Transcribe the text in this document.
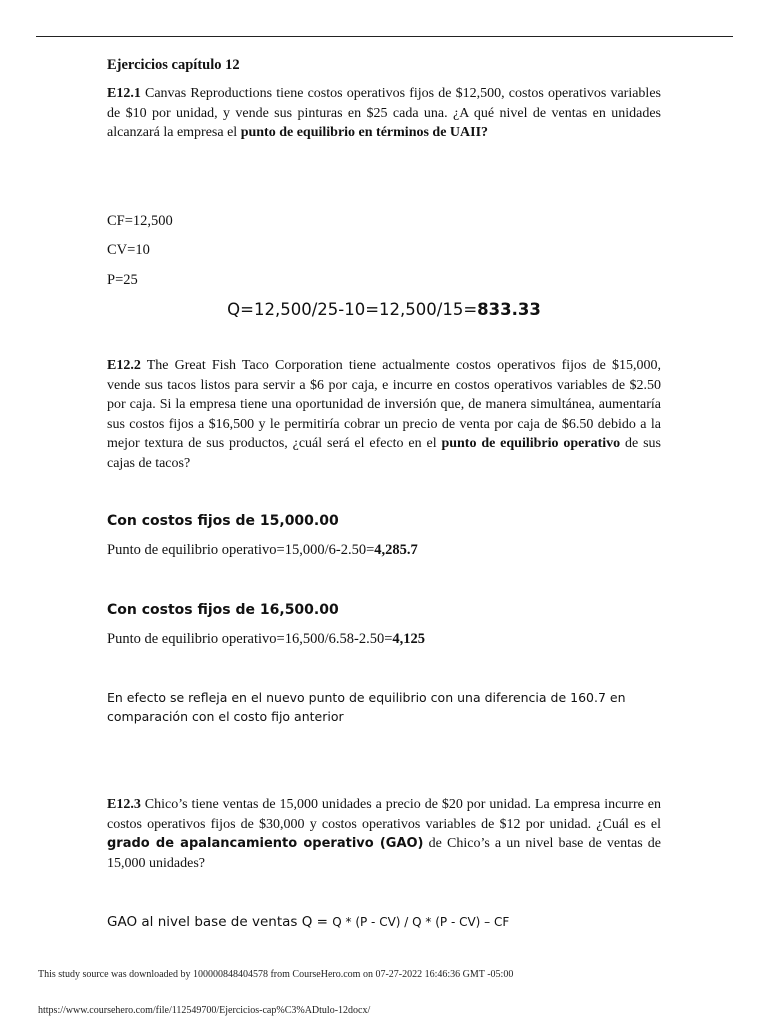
Ejercicios capítulo 12

E12.1 Canvas Reproductions tiene costos operativos fijos de $12,500, costos operativos variables de $10 por unidad, y vende sus pinturas en $25 cada una. ¿A qué nivel de ventas en unidades alcanzará la empresa el punto de equilibrio en términos de UAII?

CF=12,500

CV=10

P=25

Q=12,500/25-10=12,500/15=833.33

E12.2 The Great Fish Taco Corporation tiene actualmente costos operativos fijos de $15,000, vende sus tacos listos para servir a $6 por caja, e incurre en costos operativos variables de $2.50 por caja. Si la empresa tiene una oportunidad de inversión que, de manera simultánea, aumentaría sus costos fijos a $16,500 y le permitiría cobrar un precio de venta por caja de $6.50 debido a la mejor textura de sus productos, ¿cuál será el efecto en el punto de equilibrio operativo de sus cajas de tacos?

Con costos fijos de 15,000.00

Punto de equilibrio operativo=15,000/6-2.50=4,285.7

Con costos fijos de 16,500.00

Punto de equilibrio operativo=16,500/6.58-2.50=4,125

En efecto se refleja en el nuevo punto de equilibrio con una diferencia de 160.7 en comparación con el costo fijo anterior

E12.3 Chico’s tiene ventas de 15,000 unidades a precio de $20 por unidad. La empresa incurre en costos operativos fijos de $30,000 y costos operativos variables de $12 por unidad. ¿Cuál es el grado de apalancamiento operativo (GAO) de Chico’s a un nivel base de ventas de 15,000 unidades?

GAO al nivel base de ventas Q = Q * (P - CV) / Q * (P - CV) – CF

This study source was downloaded by 100000848404578 from CourseHero.com on 07-27-2022 16:46:36 GMT -05:00
https://www.coursehero.com/file/112549700/Ejercicios-cap%C3%ADtulo-12docx/
